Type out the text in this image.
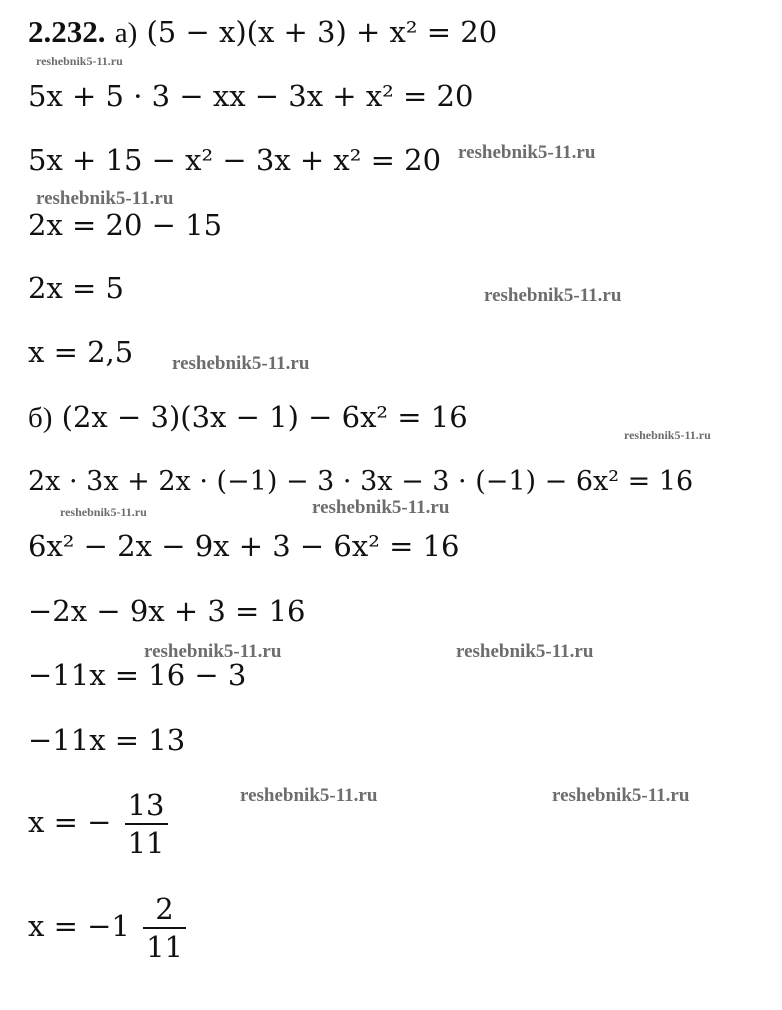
2.232. а) (5 − x)(x + 3) + x² = 20
5x + 5 · 3 − xx − 3x + x² = 20
5x + 15 − x² − 3x + x² = 20
2x = 20 − 15
2x = 5
x = 2,5
б) (2x − 3)(3x − 1) − 6x² = 16
2x · 3x + 2x · (−1) − 3 · 3x − 3 · (−1) − 6x² = 16
6x² − 2x − 9x + 3 − 6x² = 16
−2x − 9x + 3 = 16
−11x = 16 − 3
−11x = 13
x = − $\frac{13}{11}$
$x = -1 \frac{2}{11}$
reshebnik5-11.ru
reshebnik5-11.ru
reshebnik5-11.ru
reshebnik5-11.ru
reshebnik5-11.ru
reshebnik5-11.ru
reshebnik5-11.ru	reshebnik5-11.ru
reshebnik5-11.ru	reshebnik5-11.ru
reshebnik5-11.ru	reshebnik5-11.ru
